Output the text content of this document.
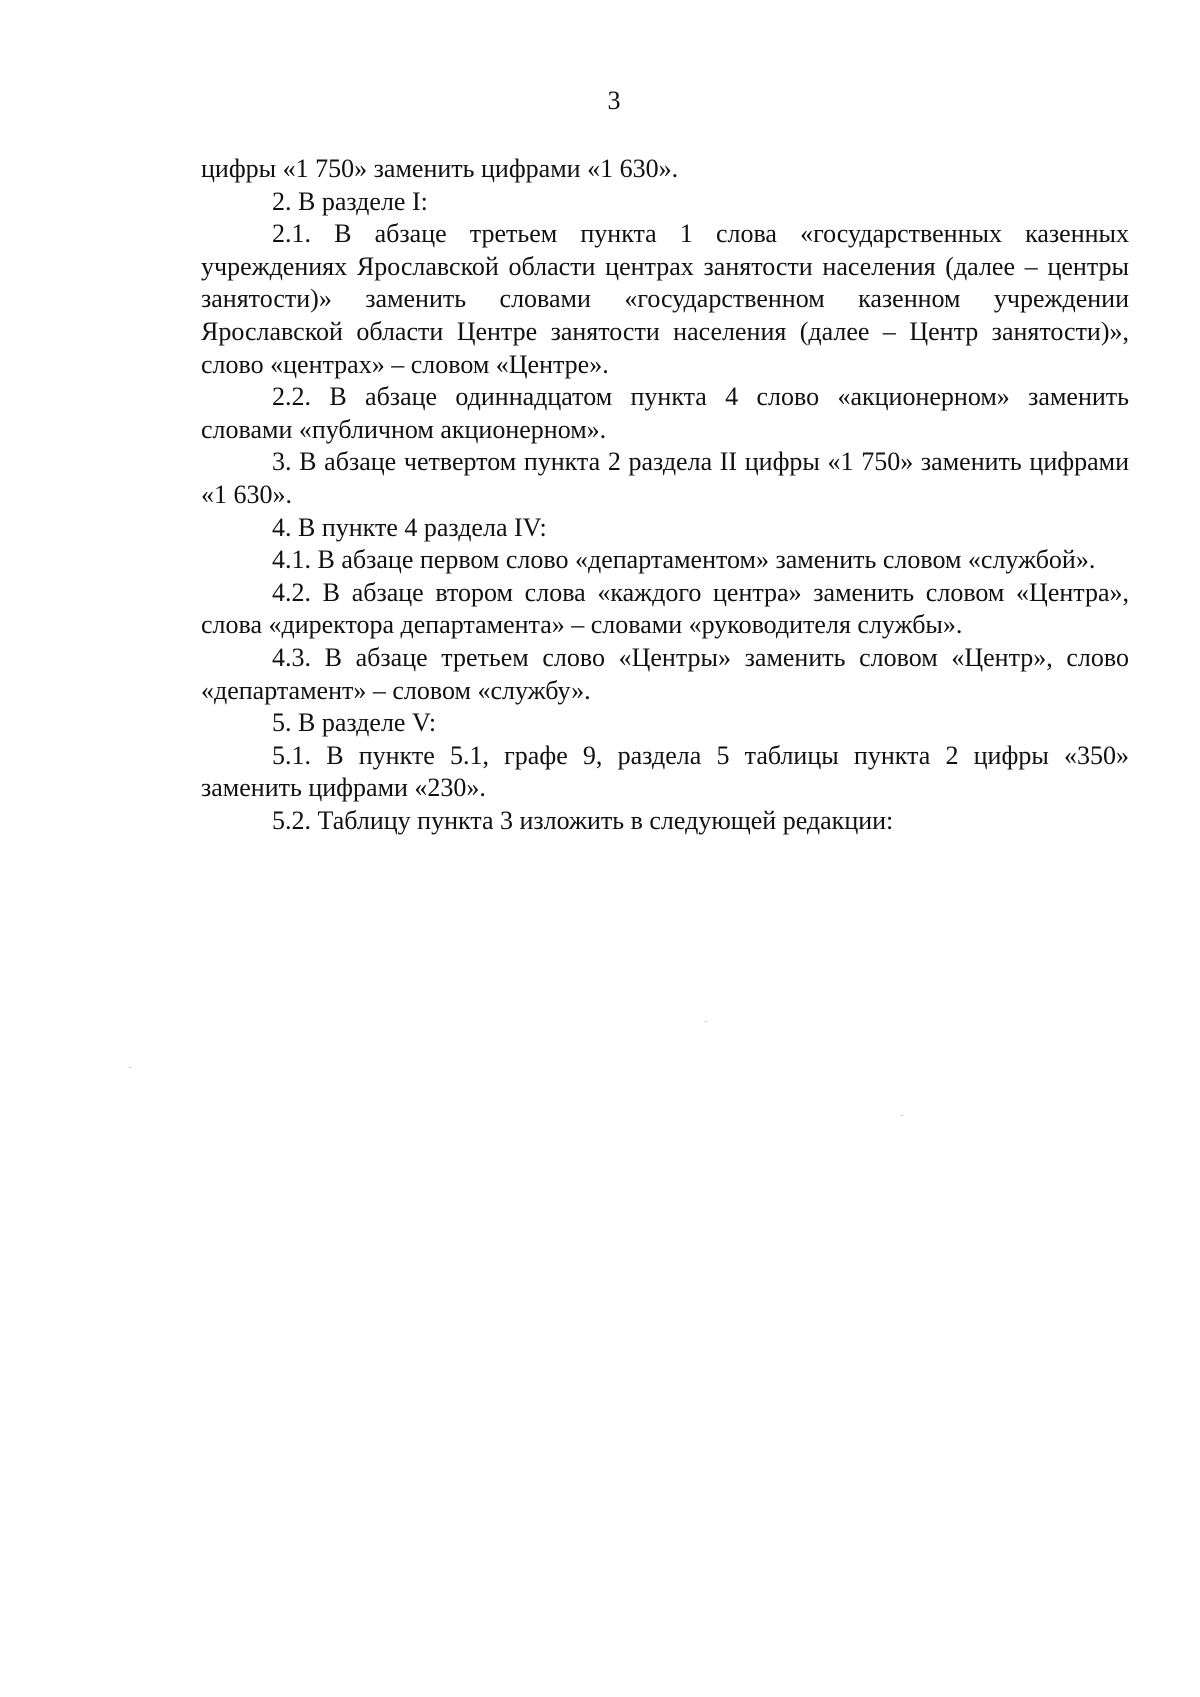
3

цифры «1 750» заменить цифрами «1 630».

2. В разделе I:

2.1. В абзаце третьем пункта 1 слова «государственных казенных учреждениях Ярославской области центрах занятости населения (далее – центры занятости)» заменить словами «государственном казенном учреждении Ярославской области Центре занятости населения (далее – Центр занятости)», слово «центрах» – словом «Центре».

2.2. В абзаце одиннадцатом пункта 4 слово «акционерном» заменить словами «публичном акционерном».

3. В абзаце четвертом пункта 2 раздела II цифры «1 750» заменить цифрами «1 630».

4. В пункте 4 раздела IV:

4.1. В абзаце первом слово «департаментом» заменить словом «службой».

4.2. В абзаце втором слова «каждого центра» заменить словом «Центра», слова «директора департамента» – словами «руководителя службы».

4.3. В абзаце третьем слово «Центры» заменить словом «Центр», слово «департамент» – словом «службу».

5. В разделе V:

5.1. В пункте 5.1, графе 9, раздела 5 таблицы пункта 2 цифры «350» заменить цифрами «230».

5.2. Таблицу пункта 3 изложить в следующей редакции:
